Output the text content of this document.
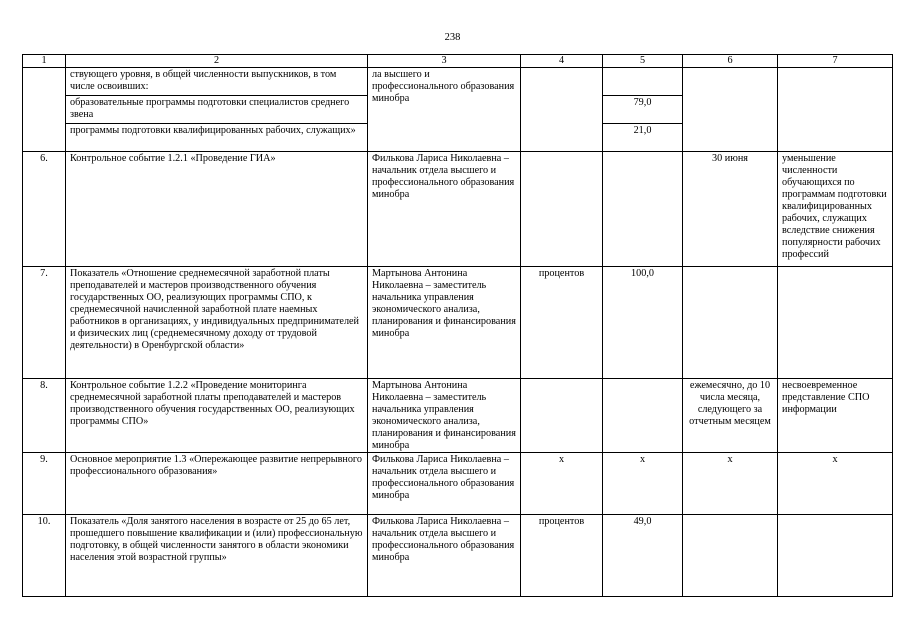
238
1	2	3	4	5	6	7
	ствующего уровня, в общей численности выпускников, в том числе освоивших:	ла высшего и профессионального образования минобра				
	образовательные программы подготовки специалистов среднего звена			79,0		
	программы подготовки квалифицированных рабочих, служащих»			21,0		
6.	Контрольное событие 1.2.1 «Проведение ГИА»	Филькова Лариса Николаевна – начальник отдела высшего и профессионального образования минобра			30 июня	уменьшение численности обучающихся по программам подготовки квалифицированных рабочих, служащих вследствие снижения популярности рабочих профессий
7.	Показатель «Отношение среднемесячной заработной платы преподавателей и мастеров производственного обучения государственных ОО, реализующих программы СПО, к среднемесячной начисленной заработной плате наемных работников в организациях, у индивидуальных предпринимателей и физических лиц (среднемесячному доходу от трудовой деятельности) в Оренбургской области»	Мартынова Антонина Николаевна – заместитель начальника управления экономического анализа, планирования и финансирования минобра	процентов	100,0		
8.	Контрольное событие 1.2.2 «Проведение мониторинга среднемесячной заработной платы преподавателей и мастеров производственного обучения государственных ОО, реализующих программы СПО»	Мартынова Антонина Николаевна – заместитель начальника управления экономического анализа, планирования и финансирования минобра			ежемесячно, до 10 числа месяца, следующего за отчетным месяцем	несвоевременное представление СПО информации
9.	Основное мероприятие 1.3 «Опережающее развитие непрерывного профессионального образования»	Филькова Лариса Николаевна – начальник отдела высшего и профессионального образования минобра	х	х	х	х
10.	Показатель «Доля занятого населения в возрасте от 25 до 65 лет, прошедшего повышение квалификации и (или) профессиональную подготовку, в общей численности занятого в области экономики населения этой возрастной группы»	Филькова Лариса Николаевна – начальник отдела высшего и профессионального образования минобра	процентов	49,0		
